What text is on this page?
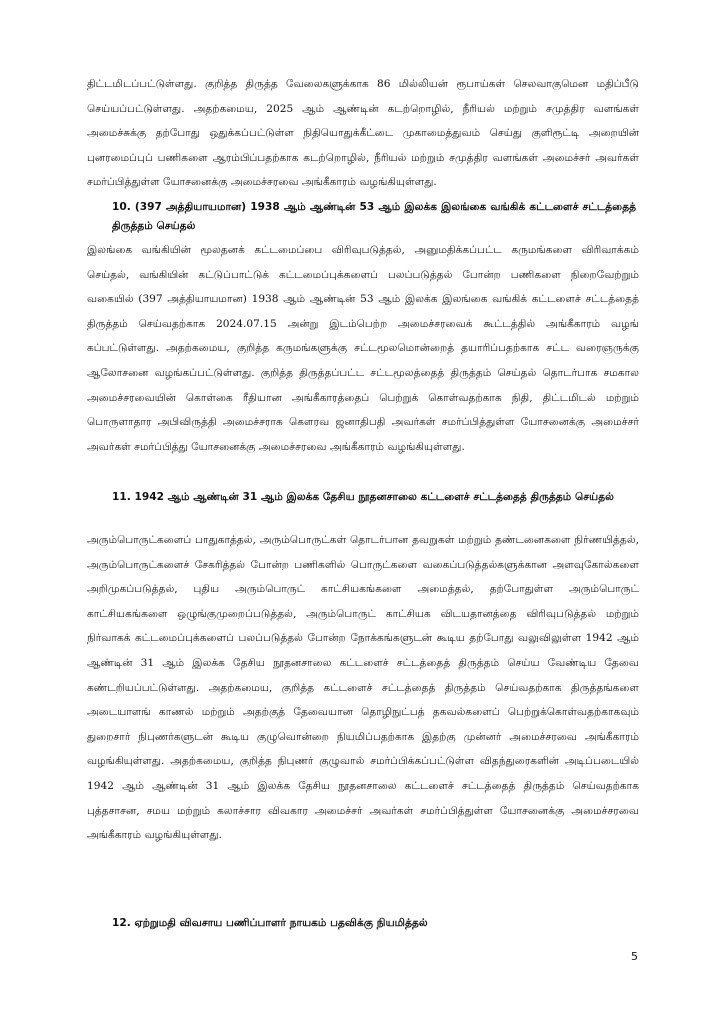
திட்டமிடப்பட்டுள்ளது. குறித்த திருத்த வேலைகளுக்காக 86 மில்லியன் ரூபாய்கள் செலவாகுமென மதிப்பீடு செய்யப்பட்டுள்ளது. அதற்கமைய, 2025 ஆம் ஆண்டின் கடற்றொழில், நீரியல் மற்றும் சமுத்திர வளங்கள் அமைச்சுக்கு தற்போது ஒதுக்கப்பட்டுள்ள நிதியொதுக்கீட்டை முகாமைத்துவம் செய்து குளிரூட்டி அறையின் புனரமைப்புப் பணிகளை ஆரம்பிப்பதற்காக கடற்றொழில், நீரியல் மற்றும் சமுத்திர வளங்கள் அமைச்சர் அவர்கள் சமர்ப்பித்துள்ள யோசனைக்கு அமைச்சரவை அங்கீகாரம் வழங்கியுள்ளது.

10. (397 அத்தியாயமான) 1938 ஆம் ஆண்டின் 53 ஆம் இலக்க இலங்கை வங்கிக் கட்டளைச் சட்டத்தைத் திருத்தம் செய்தல்

இலங்கை வங்கியின் மூலதனக் கட்டமைப்பை விரிவுபடுத்தல், அனுமதிக்கப்பட்ட கருமங்களை விரிவாக்கம் செய்தல், வங்கியின் கட்டுப்பாட்டுக் கட்டமைப்புக்களைப் பலப்படுத்தல் போன்ற பணிகளை நிறைவேற்றும் வகையில் (397 அத்தியாயமான) 1938 ஆம் ஆண்டின் 53 ஆம் இலக்க இலங்கை வங்கிக் கட்டளைச் சட்டத்தைத் திருத்தம் செய்வதற்காக 2024.07.15 அன்று இடம்பெற்ற அமைச்சரவைக் கூட்டத்தில் அங்கீகாரம் வழங் கப்பட்டுள்ளது. அதற்கமைய, குறித்த கருமங்களுக்கு சட்டமூலமொன்றைத் தயாரிப்பதற்காக சட்ட வரைஞருக்கு ஆலோசனை வழங்கப்பட்டுள்ளது. குறித்த திருத்தப்பட்ட சட்டமூலத்தைத் திருத்தம் செய்தல் தொடர்பாக சமகால அமைச்சரவையின் கொள்கை ரீதியான அங்கீகாரத்தைப் பெற்றுக் கொள்வதற்காக நிதி, திட்டமிடல் மற்றும் பொருளாதார அபிவிருத்தி அமைச்சராக கௌரவ ஜனாதிபதி அவர்கள் சமர்ப்பித்துள்ள யோசனைக்கு அமைச்சர் அவர்கள் சமர்ப்பித்து யோசனைக்கு அமைச்சரவை அங்கீகாரம் வழங்கியுள்ளது.

11. 1942 ஆம் ஆண்டின் 31 ஆம் இலக்க தேசிய நூதனசாலை கட்டளைச் சட்டத்தைத் திருத்தம் செய்தல்

அரும்பொருட்களைப் பாதுகாத்தல், அரும்பொருட்கள் தொடர்பான தவறுகள் மற்றும் தண்டனைகளை நிர்ணயித்தல், அரும்பொருட்களைச் சேகரித்தல் போன்ற பணிகளில் பொருட்களை வகைப்படுத்தல்களுக்கான அளவுகோல்களை அறிமுகப்படுத்தல், புதிய அரும்பொருட் காட்சியகங்களை அமைத்தல், தற்போதுள்ள அரும்பொருட் காட்சியகங்களை ஒழுங்குமுறைப்படுத்தல், அரும்பொருட் காட்சியக விடயதானத்தை விரிவுபடுத்தல் மற்றும் நிர்வாகக் கட்டமைப்புக்களைப் பலப்படுத்தல் போன்ற நோக்கங்களுடன் கூடிய தற்போது வலுவிலுள்ள 1942 ஆம் ஆண்டின் 31 ஆம் இலக்க தேசிய நூதனசாலை கட்டளைச் சட்டத்தைத் திருத்தம் செய்ய வேண்டிய தேவை கண்டறியப்பட்டுள்ளது. அதற்கமைய, குறித்த கட்டளைச் சட்டத்தைத் திருத்தம் செய்வதற்காக திருத்தங்களை அடையாளங் காணல் மற்றும் அதற்குத் தேவையான தொழிநுட்பத் தகவல்களைப் பெற்றுக்கொள்வதற்காகவும் துறைசார் நிபுணர்களுடன் கூடிய குழுவொன்றை நியமிப்பதற்காக இதற்கு முன்னர் அமைச்சரவை அங்கீகாரம் வழங்கியுள்ளது. அதற்கமைய, குறித்த நிபுணர் குழுவால் சமர்ப்பிக்கப்பட்டுள்ள விதந்துரைகளின் அடிப்படையில் 1942 ஆம் ஆண்டின் 31 ஆம் இலக்க தேசிய நூதனசாலை கட்டளைச் சட்டத்தைத் திருத்தம் செய்வதற்காக புத்தசாசன, சமய மற்றும் கலாச்சார விவகார அமைச்சர் அவர்கள் சமர்ப்பித்துள்ள யோசனைக்கு அமைச்சரவை அங்கீகாரம் வழங்கியுள்ளது.

12. ஏற்றுமதி விவசாய பணிப்பாளர் நாயகம் பதவிக்கு நியமித்தல்

5
